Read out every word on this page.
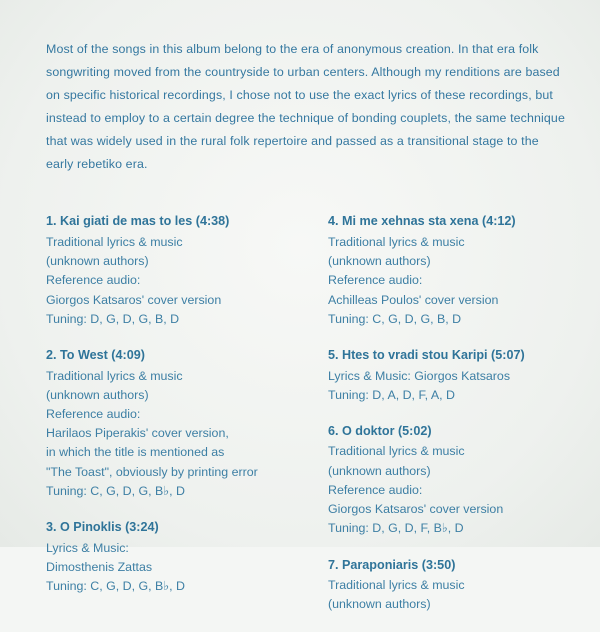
Most of the songs in this album belong to the era of anonymous creation. In that era folk songwriting moved from the countryside to urban centers. Although my renditions are based on specific historical recordings, I chose not to use the exact lyrics of these recordings, but instead to employ to a certain degree the technique of bonding couplets, the same technique that was widely used in the rural folk repertoire and passed as a transitional stage to the early rebetiko era.

1. Kai giati de mas to les (4:38)

Traditional lyrics & music

(unknown authors)

Reference audio:

Giorgos Katsaros' cover version

Tuning: D, G, D, G, B, D

2. To West (4:09)

Traditional lyrics & music

(unknown authors)

Reference audio:

Harilaos Piperakis' cover version,

in which the title is mentioned as

"The Toast", obviously by printing error

Tuning: C, G, D, G, B♭, D

3. O Pinoklis (3:24)

Lyrics & Music:

Dimosthenis Zattas

Tuning: C, G, D, G, B♭, D

4. Mi me xehnas sta xena (4:12)

Traditional lyrics & music

(unknown authors)

Reference audio:

Achilleas Poulos' cover version

Tuning: C, G, D, G, B, D

5. Htes to vradi stou Karipi (5:07)

Lyrics & Music: Giorgos Katsaros

Tuning: D, A, D, F, A, D

6. O doktor (5:02)

Traditional lyrics & music

(unknown authors)

Reference audio:

Giorgos Katsaros' cover version

Tuning: D, G, D, F, B♭, D

7. Paraponiaris (3:50)

Traditional lyrics & music

(unknown authors)
